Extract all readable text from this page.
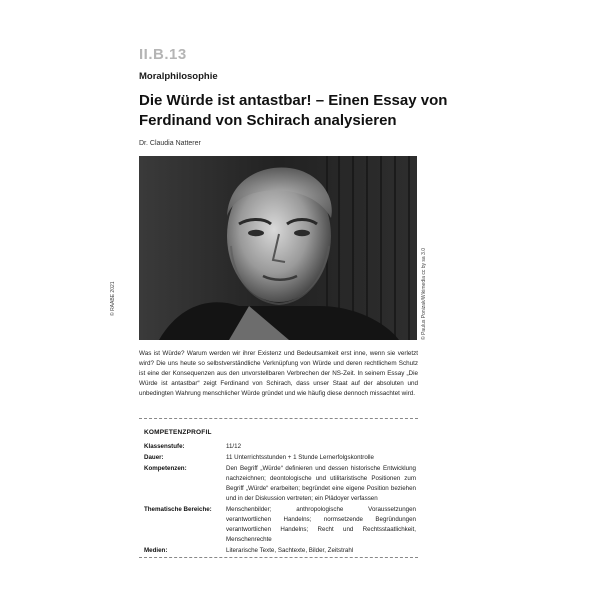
II.B.13
Moralphilosophie
Die Würde ist antastbar! – Einen Essay von Ferdinand von Schirach analysieren
Dr. Claudia Natterer
© Paulus Ponizak/Wikimedia cc by sa 3.0
© RAABE 2021
Was ist Würde? Warum werden wir ihrer Existenz und Bedeutsamkeit erst inne, wenn sie verletzt wird? Die uns heute so selbstverständliche Verknüpfung von Würde und deren rechtlichem Schutz ist eine der Konsequenzen aus den unvorstellbaren Verbrechen der NS-Zeit. In seinem Essay „Die Würde ist antastbar“ zeigt Ferdinand von Schirach, dass unser Staat auf der absoluten und unbedingten Wahrung menschlicher Würde gründet und wie häufig diese dennoch missachtet wird.
KOMPETENZPROFIL
Klassenstufe:	11/12
Dauer:	11 Unterrichtsstunden + 1 Stunde Lernerfolgskontrolle
Kompetenzen:	Den Begriff „Würde“ definieren und dessen historische Entwicklung nachzeichnen; deontologische und utilitaristische Positionen zum Begriff „Würde“ erarbeiten; begründet eine eigene Position beziehen und in der Diskussion vertreten; ein Plädoyer verfassen
Thematische Bereiche:	Menschenbilder; anthropologische Voraussetzungen verantwortlichen Handelns; normsetzende Begründungen verantwortlichen Handelns; Recht und Rechtsstaatlichkeit, Menschenrechte
Medien:	Literarische Texte, Sachtexte, Bilder, Zeitstrahl
